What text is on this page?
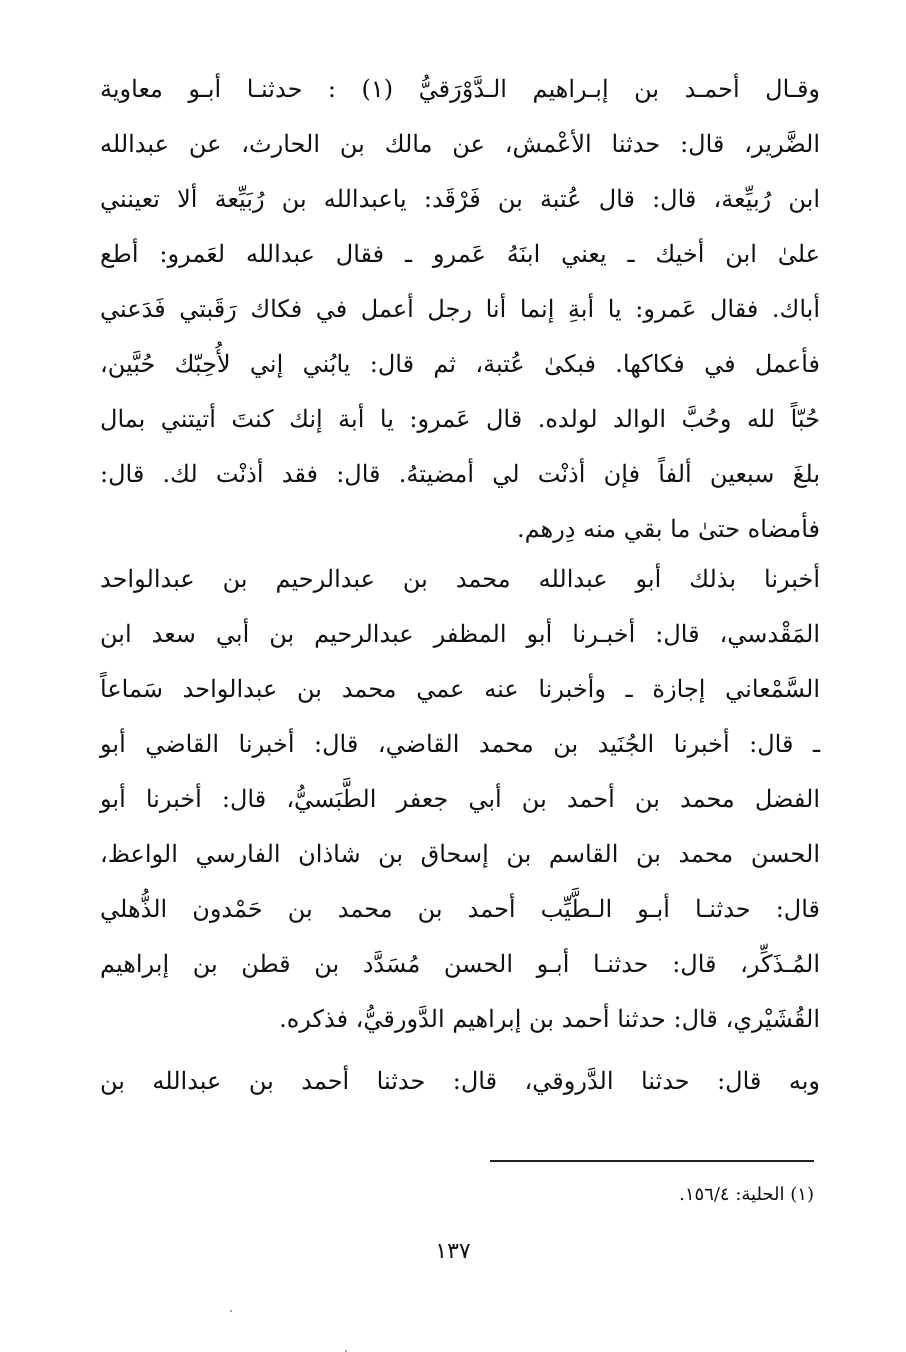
وقـال أحمـد بن إبـراهيم الـدَّوْرَقيُّ (١) : حدثنـا أبـو معاوية
الضَّرير، قال: حدثنا الأعْمش، عن مالك بن الحارث، عن عبدالله
ابن رُبيِّعة، قال: قال عُتبة بن فَرْقَد: ياعبدالله بن رُبَيِّعة ألا تعينني
علىٰ ابن أخيك ـ يعني ابنَهُ عَمرو ـ فقال عبدالله لعَمرو: أطع
أباك. فقال عَمرو: يا أبةِ إنما أنا رجل أعمل في فكاك رَقَبتي فَدَعني
فأعمل في فكاكها. فبكىٰ عُتبة، ثم قال: يابُني إني لأُحِبّك حُبَّين،
حُبّاً لله وحُبَّ الوالد لولده. قال عَمرو: يا أبة إنك كنتَ أتيتني بمال
بلغَ سبعين ألفاً فإن أذنْت لي أمضيتهُ. قال: فقد أذنْت لك. قال:
فأمضاه حتىٰ ما بقي منه دِرهم.
أخبرنا بذلك أبو عبدالله محمد بن عبدالرحيم بن عبدالواحد
المَقْدسي، قال: أخبـرنا أبو المظفر عبدالرحيم بن أبي سعد ابن
السَّمْعاني إجازة ـ وأخبرنا عنه عمي محمد بن عبدالواحد سَماعاً
ـ قال: أخبرنا الجُنَيد بن محمد القاضي، قال: أخبرنا القاضي أبو
الفضل محمد بن أحمد بن أبي جعفر الطَّبَسيُّ، قال: أخبرنا أبو
الحسن محمد بن القاسم بن إسحاق بن شاذان الفارسي الواعظ،
قال: حدثنـا أبـو الـطَّيِّب أحمد بن محمد بن حَمْدون الذُّهلي
المُـذَكِّر، قال: حدثنـا أبـو الحسن مُسَدَّد بن قطن بن إبراهيم
القُشَيْري، قال: حدثنا أحمد بن إبراهيم الدَّورقيُّ، فذكره.
وبه قال: حدثنا الدَّروقي، قال: حدثنا أحمد بن عبدالله بن
(١) الحلية: ١٥٦/٤.
١٣٧
